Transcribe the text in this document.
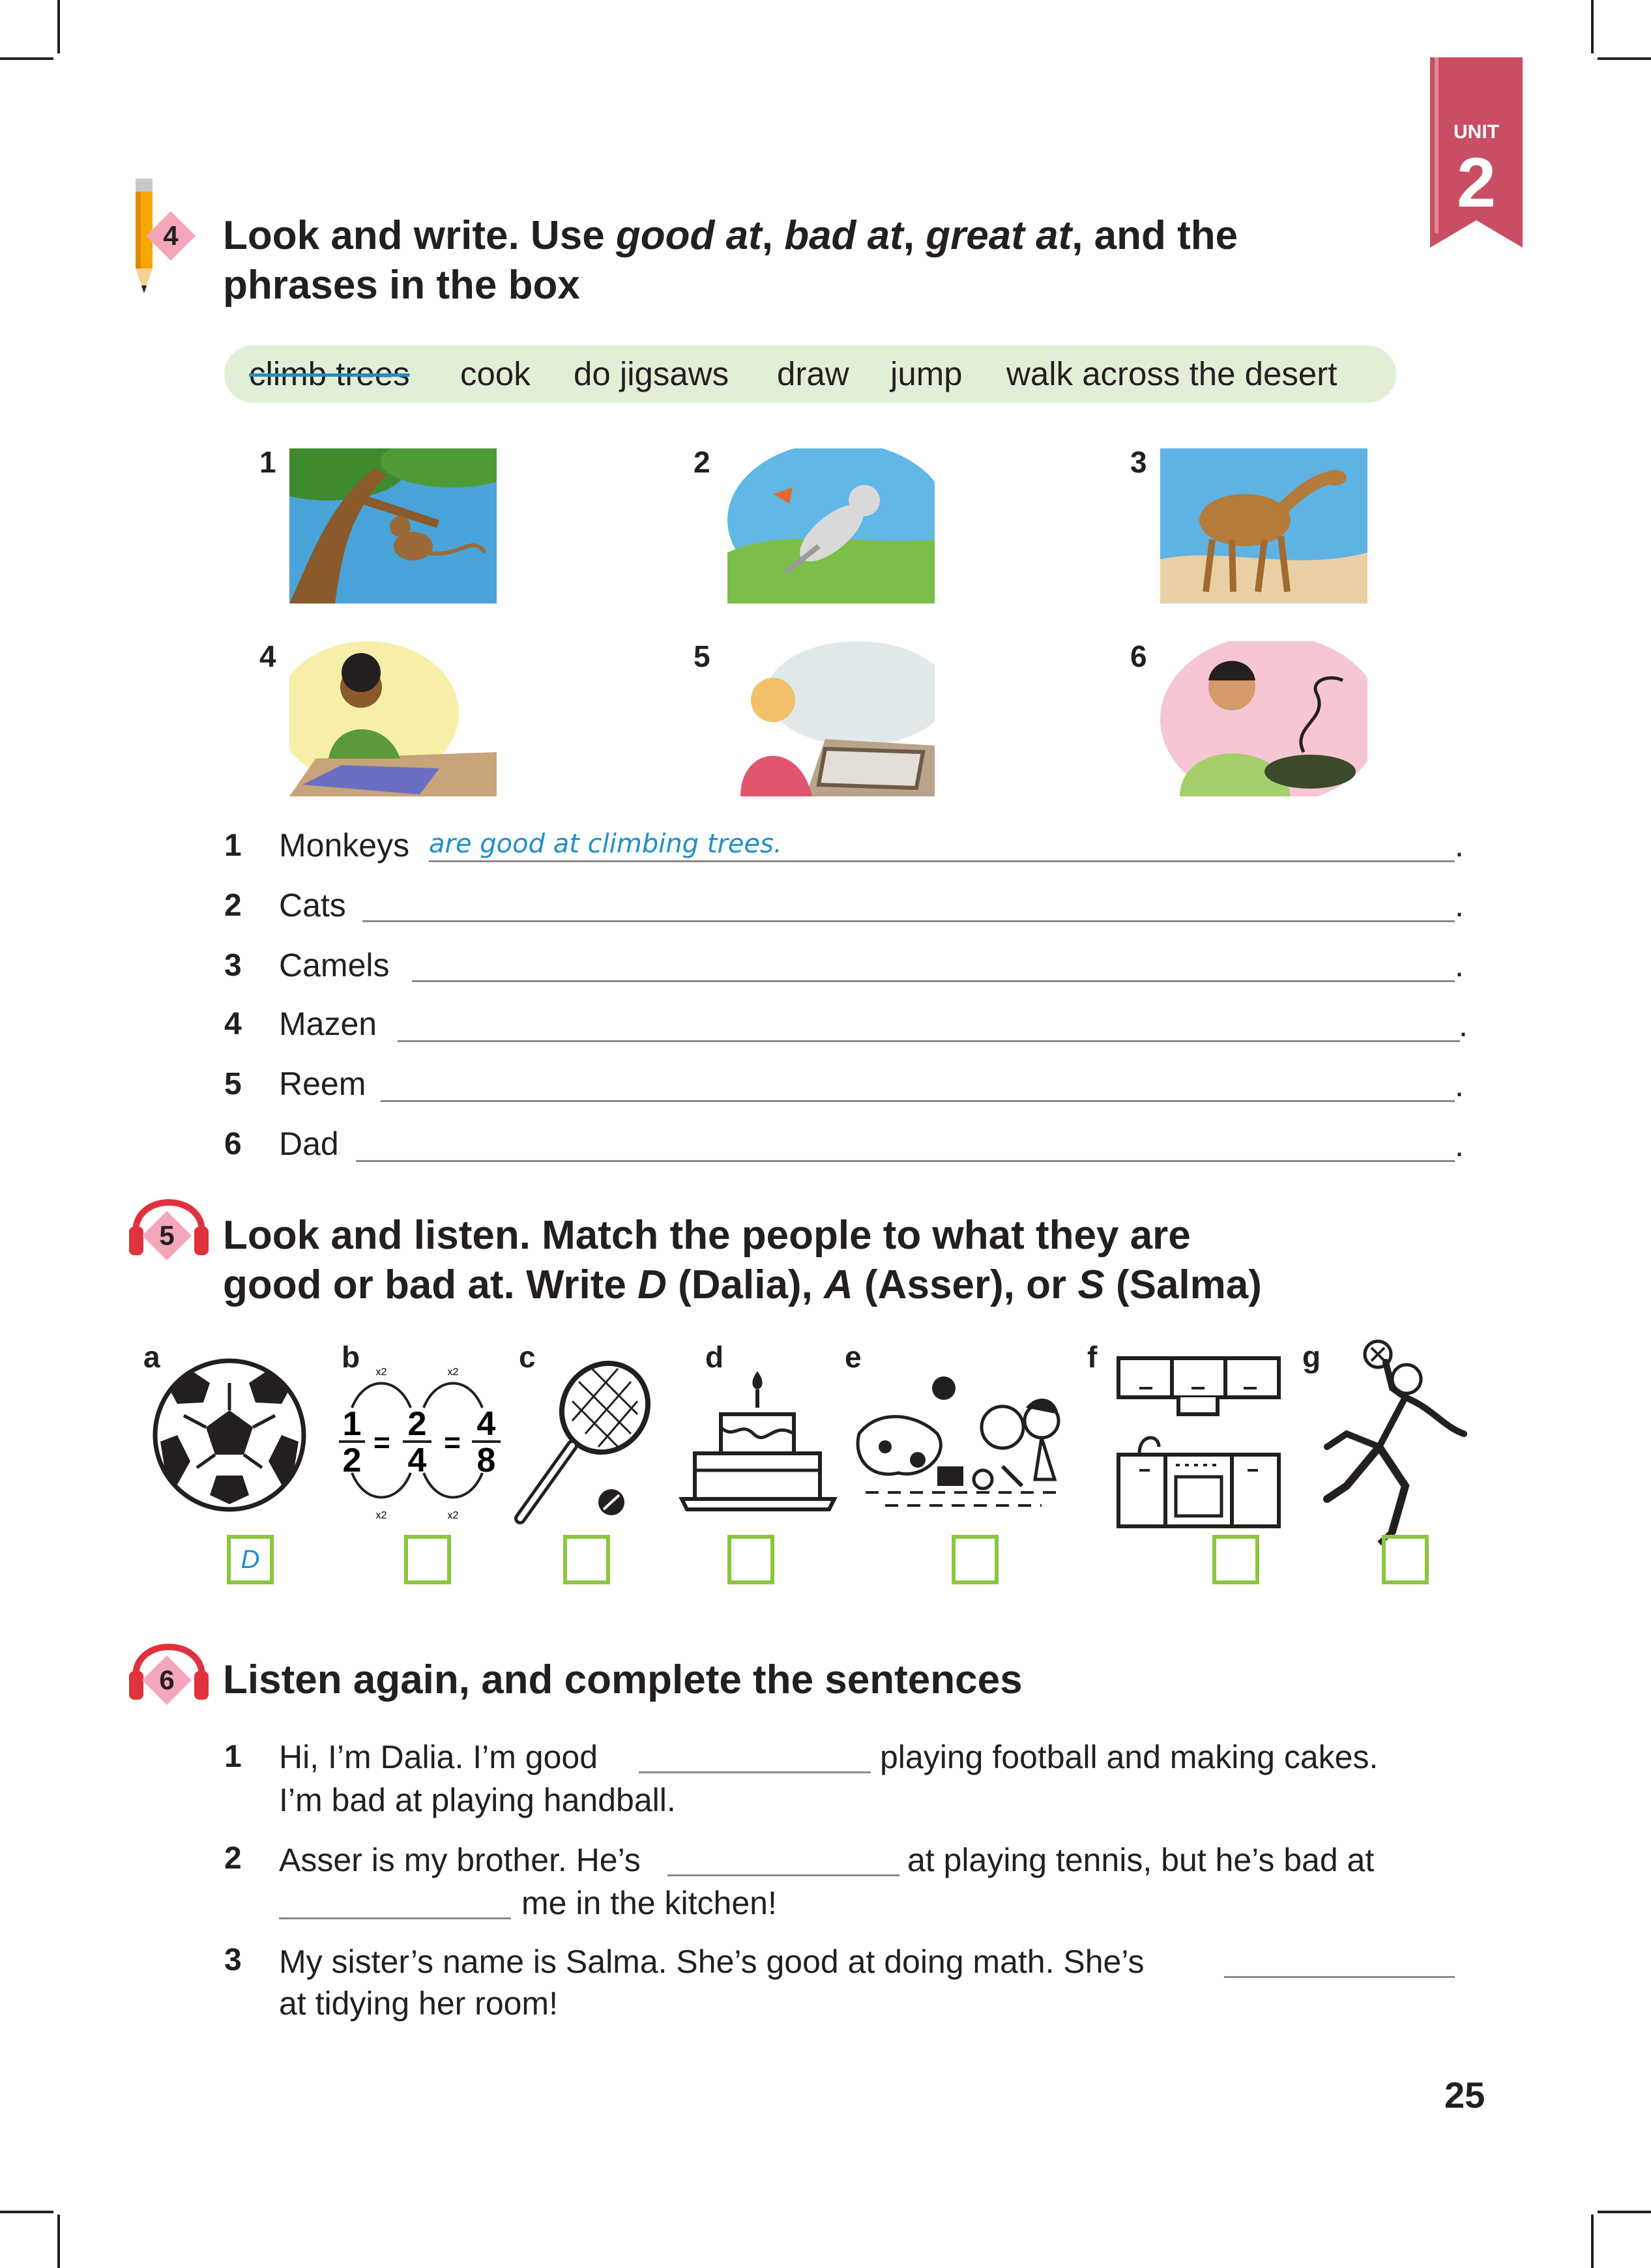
UNIT
2
4	Look and write. Use good at, bad at, great at, and the
phrases in the box
climb trees cook do jigsaws draw jump walk across the desert
1	2	3
4	5	6
1 Monkeys are good at climbing trees.	.
2 Cats	.
3 Camels	.
4 Mazen	.
5 Reem	.
6 Dad	.
5	Look and listen. Match the people to what they are
good or bad at. Write D (Dalia), A (Asser), or S (Salma)
a	b	c	d	e	f	g
x2	x2
x2	x2
1
2 = 2
4 = 4
8
D
6	Listen again, and complete the sentences
1 Hi, I’m Dalia. I’m good	playing football and making cakes.
I’m bad at playing handball.
2 Asser is my brother. He’s	at playing tennis, but he’s bad at
me in the kitchen!
3 My sister’s name is Salma. She’s good at doing math. She’s
at tidying her room!
25
